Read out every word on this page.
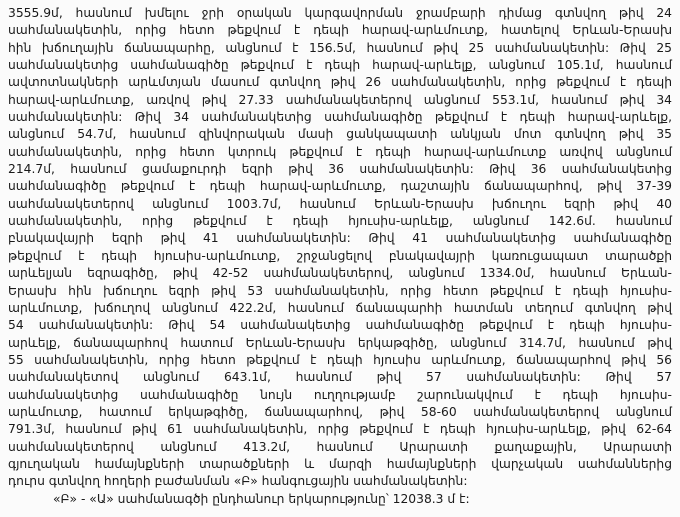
3555.9մ, հասնում խմելու ջրի օրական կարգավորման ջրամբարի դիմաց գտնվող թիվ 24
սահմանակետին, որից հետո թեքվում է դեպի հարավ-արևմուտք, հատելով Երևան-Երասխ
հին խճուղային ճանապարհը, անցնում է 156.5մ, հասնում թիվ 25 սահմանակետին: Թիվ 25
սահմանակետից սահմանագիծը թեքվում է դեպի հարավ-արևելք, անցնում 105.1մ, հասնում
ավտոտնակների արևմտյան մասում գտնվող թիվ 26 սահմանակետին, որից թեքվում է դեպի
հարավ-արևմուտք, առվով թիվ 27.33 սահմանակետերով անցնում 553.1մ, հասնում թիվ 34
սահմանակետին: Թիվ 34 սահմանակետից սահմանագիծը թեքվում է դեպի հարավ-արևելք,
անցնում 54.7մ, հասնում զինվորական մասի ցանկապատի անկյան մոտ գտնվող թիվ 35
սահմանակետին, որից հետո կտրուկ թեքվում է դեպի հարավ-արևմուտք առվով անցնում
214.7մ, հասնում ցամաքուրդի եզրի թիվ 36 սահմանակետին: Թիվ 36 սահմանակետից
սահմանագիծը թեքվում է դեպի հարավ-արևմուտք, դաշտային ճանապարհով, թիվ 37-39
սահմանակետերով անցնում 1003.7մ, հասնում Երևան-Երասխ խճուղու եզրի թիվ 40
սահմանակետին, որից թեքվում է դեպի հյուսիս-արևելք, անցնում 142.6մ. հասնում
բնակավայրի եզրի թիվ 41 սահմանակետին: Թիվ 41 սահմանակետից սահմանագիծը
թեքվում է դեպի հյուսիս-արևմուտք, շրջանցելով բնակավայրի կառուցապատ տարածքի
արևելյան եզրագիծը, թիվ 42-52 սահմանակետերով, անցնում 1334.0մ, հասնում Երևան-
Երասխ հին խճուղու եզրի թիվ 53 սահմանակետին, որից հետո թեքվում է դեպի հյուսիս-
արևմուտք, խճուղով անցնում 422.2մ, հասնում ճանապարհի հատման տեղում գտնվող թիվ
54 սահմանակետին: Թիվ 54 սահմանակետից սահմանագիծը թեքվում է դեպի հյուսիս-
արևելք, ճանապարհով հատում Երևան-Երասխ երկաթգիծը, անցնում 314.7մ, հասնում թիվ
55 սահմանակետին, որից հետո թեքվում է դեպի հյուսիս արևմուտք, ճանապարհով թիվ 56
սահմանակետով անցնում 643.1մ, հասնում թիվ 57 սահմանակետին: Թիվ 57
սահմանակետից սահմանագիծը նույն ուղղությամբ շարունակվում է դեպի հյուսիս-
արևմուտք, հատում երկաթգիծը, ճանապարհով, թիվ 58-60 սահմանակետերով անցնում
791.3մ, հասնում թիվ 61 սահմանակետին, որից թեքվում է դեպի հյուսիս-արևելք, թիվ 62-64
սահմանակետերով անցնում 413.2մ, հասնում Արարատի քաղաքային, Արարատի
գյուղական համայնքների տարածքների և մարզի համայնքների վարչական սահմաններից
դուրս գտնվող հողերի բաժանման «Բ» հանգուցային սահմանակետին:
«Բ» - «Ա» սահմանագծի ընդհանուր երկարությունը՝ 12038.3 մ է:
